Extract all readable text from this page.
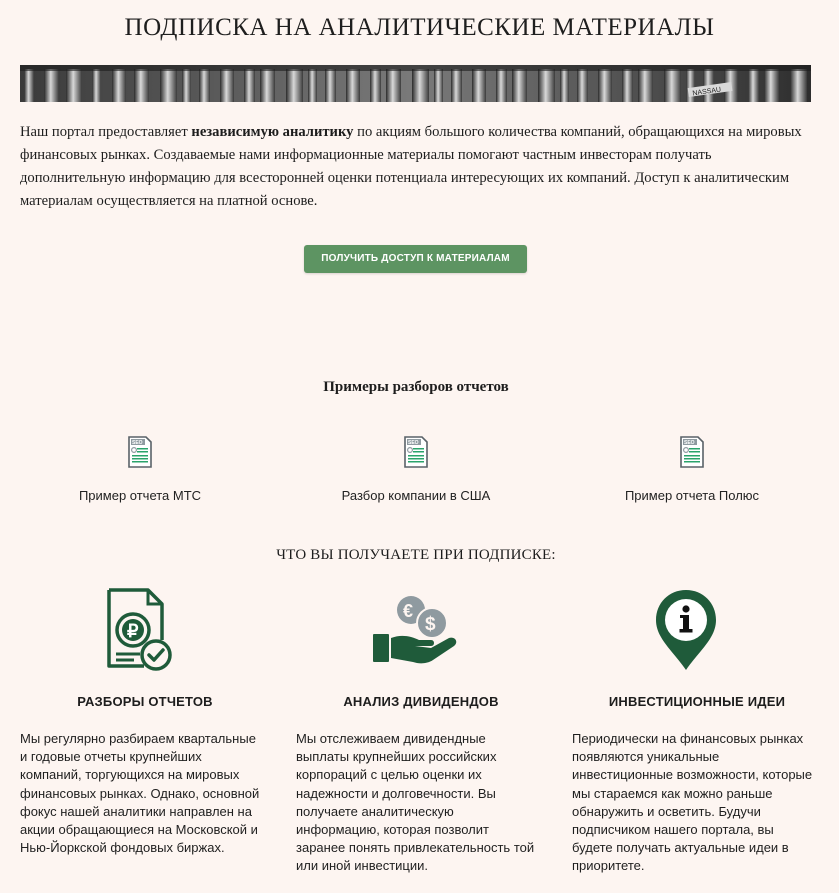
ПОДПИСКА НА АНАЛИТИЧЕСКИЕ МАТЕРИАЛЫ
NASSAU

Наш портал предоставляет независимую аналитику по акциям большого количества компаний, обращающихся на мировых финансовых рынках. Создаваемые нами информационные материалы помогают частным инвесторам получать дополнительную информацию для всесторонней оценки потенциала интересующих их компаний. Доступ к аналитическим материалам осуществляется на платной основе.

ПОЛУЧИТЬ ДОСТУП К МАТЕРИАЛАМ
Примеры разборов отчетов
SEO
Пример отчета МТС
SEO
Разбор компании в США
SEO
Пример отчета Полюс
ЧТО ВЫ ПОЛУЧАЕТЕ ПРИ ПОДПИСКЕ:
₽
РАЗБОРЫ ОТЧЕТОВ
Мы регулярно разбираем квартальные и годовые отчеты крупнейших компаний, торгующихся на мировых финансовых рынках. Однако, основной фокус нашей аналитики направлен на акции обращающиеся на Московской и Нью-Йоркской фондовых биржах.
€
$
АНАЛИЗ ДИВИДЕНДОВ
Мы отслеживаем дивидендные выплаты крупнейших российских корпораций с целью оценки их надежности и долговечности. Вы получаете аналитическую информацию, которая позволит заранее понять привлекательность той или иной инвестиции.
ИНВЕСТИЦИОННЫЕ ИДЕИ
Периодически на финансовых рынках появляются уникальные инвестиционные возможности, которые мы стараемся как можно раньше обнаружить и осветить. Будучи подписчиком нашего портала, вы будете получать актуальные идеи в приоритете.
